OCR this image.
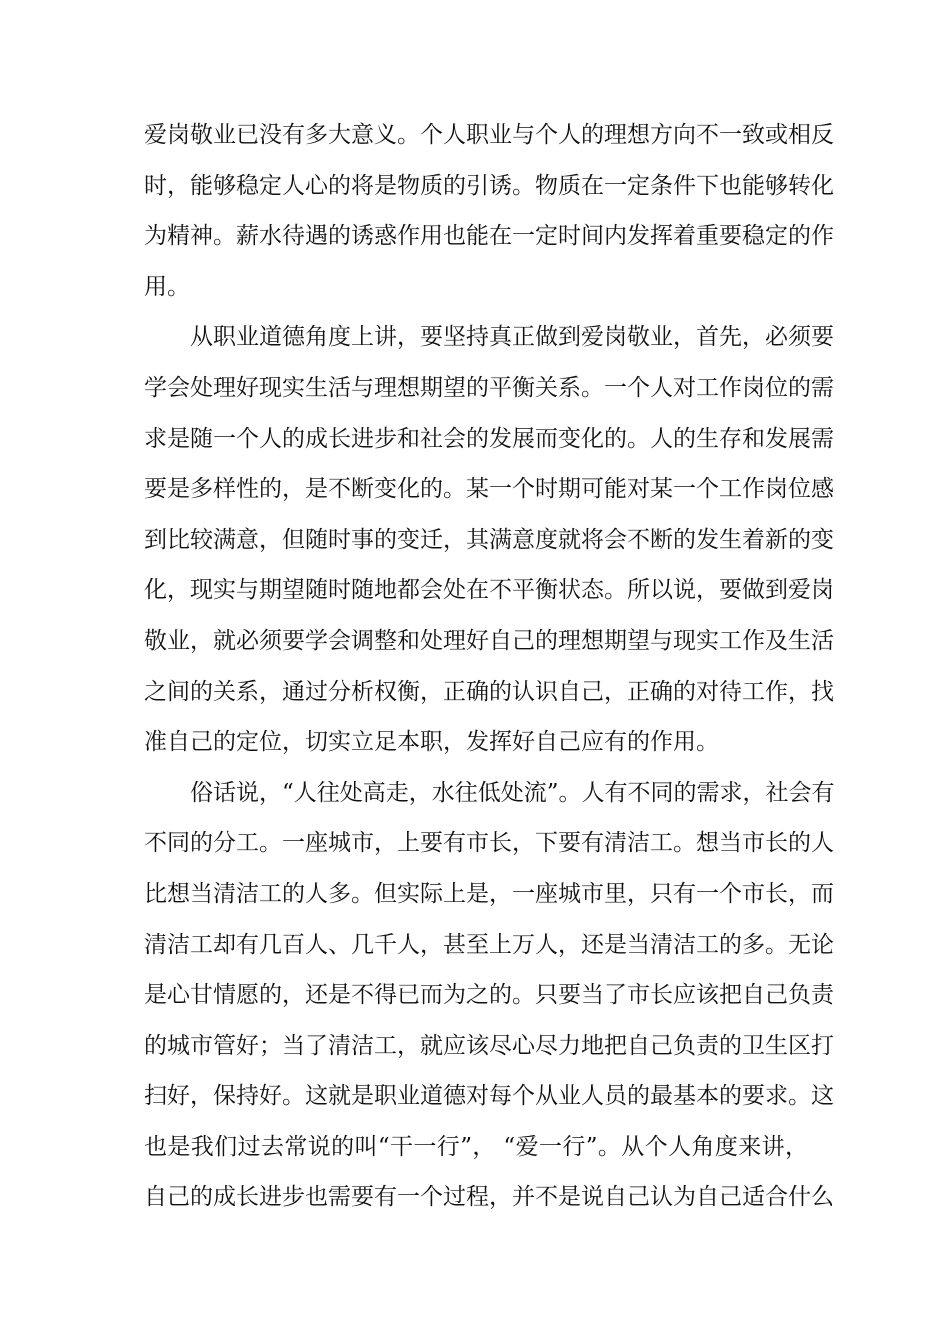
爱岗敬业已没有多大意义。个人职业与个人的理想方向不一致或相反
时，能够稳定人心的将是物质的引诱。物质在一定条件下也能够转化
为精神。薪水待遇的诱惑作用也能在一定时间内发挥着重要稳定的作
用。
从职业道德角度上讲，要坚持真正做到爱岗敬业，首先，必须要
学会处理好现实生活与理想期望的平衡关系。一个人对工作岗位的需
求是随一个人的成长进步和社会的发展而变化的。人的生存和发展需
要是多样性的，是不断变化的。某一个时期可能对某一个工作岗位感
到比较满意，但随时事的变迁，其满意度就将会不断的发生着新的变
化，现实与期望随时随地都会处在不平衡状态。所以说，要做到爱岗
敬业，就必须要学会调整和处理好自己的理想期望与现实工作及生活
之间的关系，通过分析权衡，正确的认识自己，正确的对待工作，找
准自己的定位，切实立足本职，发挥好自己应有的作用。
俗话说，“人往处高走，水往低处流”。人有不同的需求，社会有
不同的分工。一座城市，上要有市长，下要有清洁工。想当市长的人
比想当清洁工的人多。但实际上是，一座城市里，只有一个市长，而
清洁工却有几百人、几千人，甚至上万人，还是当清洁工的多。无论
是心甘情愿的，还是不得已而为之的。只要当了市长应该把自己负责
的城市管好；当了清洁工，就应该尽心尽力地把自己负责的卫生区打
扫好，保持好。这就是职业道德对每个从业人员的最基本的要求。这
也是我们过去常说的叫“干一行”， “爱一行”。从个人角度来讲，
自己的成长进步也需要有一个过程，并不是说自己认为自己适合什么
